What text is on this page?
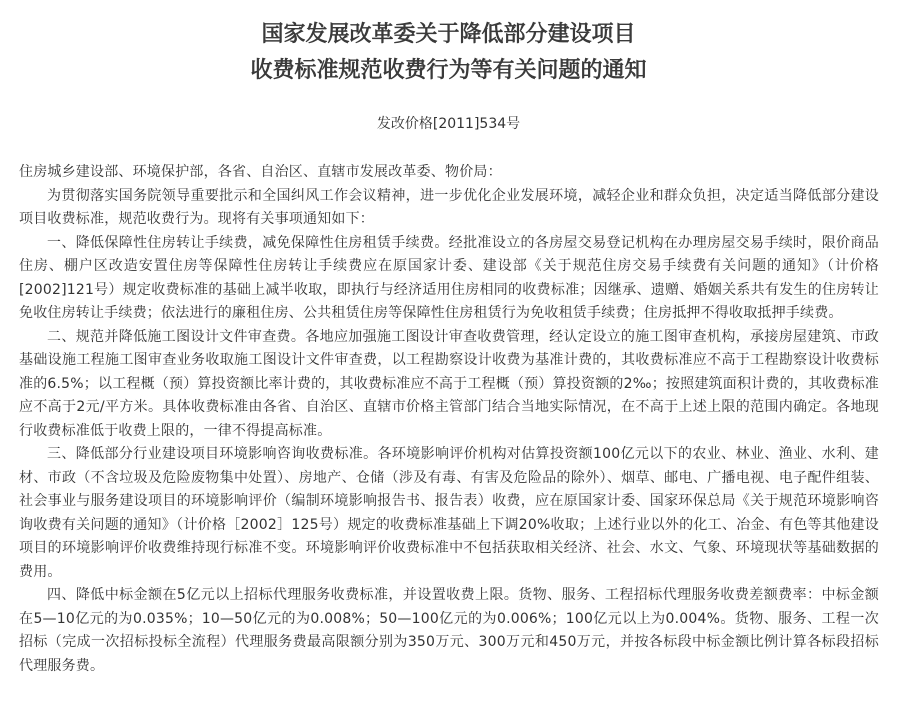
国家发展改革委关于降低部分建设项目
收费标准规范收费行为等有关问题的通知
发改价格[2011]534号

住房城乡建设部、环境保护部，各省、自治区、直辖市发展改革委、物价局：

为贯彻落实国务院领导重要批示和全国纠风工作会议精神，进一步优化企业发展环境，减轻企业和群众负担，决定适当降低部分建设项目收费标准，规范收费行为。现将有关事项通知如下：

一、降低保障性住房转让手续费，减免保障性住房租赁手续费。经批准设立的各房屋交易登记机构在办理房屋交易手续时，限价商品住房、棚户区改造安置住房等保障性住房转让手续费应在原国家计委、建设部《关于规范住房交易手续费有关问题的通知》（计价格[2002]121号）规定收费标准的基础上减半收取，即执行与经济适用住房相同的收费标准；因继承、遗赠、婚姻关系共有发生的住房转让免收住房转让手续费；依法进行的廉租住房、公共租赁住房等保障性住房租赁行为免收租赁手续费；住房抵押不得收取抵押手续费。

二、规范并降低施工图设计文件审查费。各地应加强施工图设计审查收费管理，经认定设立的施工图审查机构，承接房屋建筑、市政基础设施工程施工图审查业务收取施工图设计文件审查费，以工程勘察设计收费为基准计费的，其收费标准应不高于工程勘察设计收费标准的6.5%；以工程概（预）算投资额比率计费的，其收费标准应不高于工程概（预）算投资额的2‰；按照建筑面积计费的，其收费标准应不高于2元/平方米。具体收费标准由各省、自治区、直辖市价格主管部门结合当地实际情况，在不高于上述上限的范围内确定。各地现行收费标准低于收费上限的，一律不得提高标准。

三、降低部分行业建设项目环境影响咨询收费标准。各环境影响评价机构对估算投资额100亿元以下的农业、林业、渔业、水利、建材、市政（不含垃圾及危险废物集中处置）、房地产、仓储（涉及有毒、有害及危险品的除外）、烟草、邮电、广播电视、电子配件组装、社会事业与服务建设项目的环境影响评价（编制环境影响报告书、报告表）收费，应在原国家计委、国家环保总局《关于规范环境影响咨询收费有关问题的通知》（计价格［2002］125号）规定的收费标准基础上下调20%收取；上述行业以外的化工、冶金、有色等其他建设项目的环境影响评价收费维持现行标准不变。环境影响评价收费标准中不包括获取相关经济、社会、水文、气象、环境现状等基础数据的费用。

四、降低中标金额在5亿元以上招标代理服务收费标准，并设置收费上限。货物、服务、工程招标代理服务收费差额费率：中标金额在5—10亿元的为0.035%；10—50亿元的为0.008%；50—100亿元的为0.006%；100亿元以上为0.004%。货物、服务、工程一次招标（完成一次招标投标全流程）代理服务费最高限额分别为350万元、300万元和450万元，并按各标段中标金额比例计算各标段招标代理服务费。
